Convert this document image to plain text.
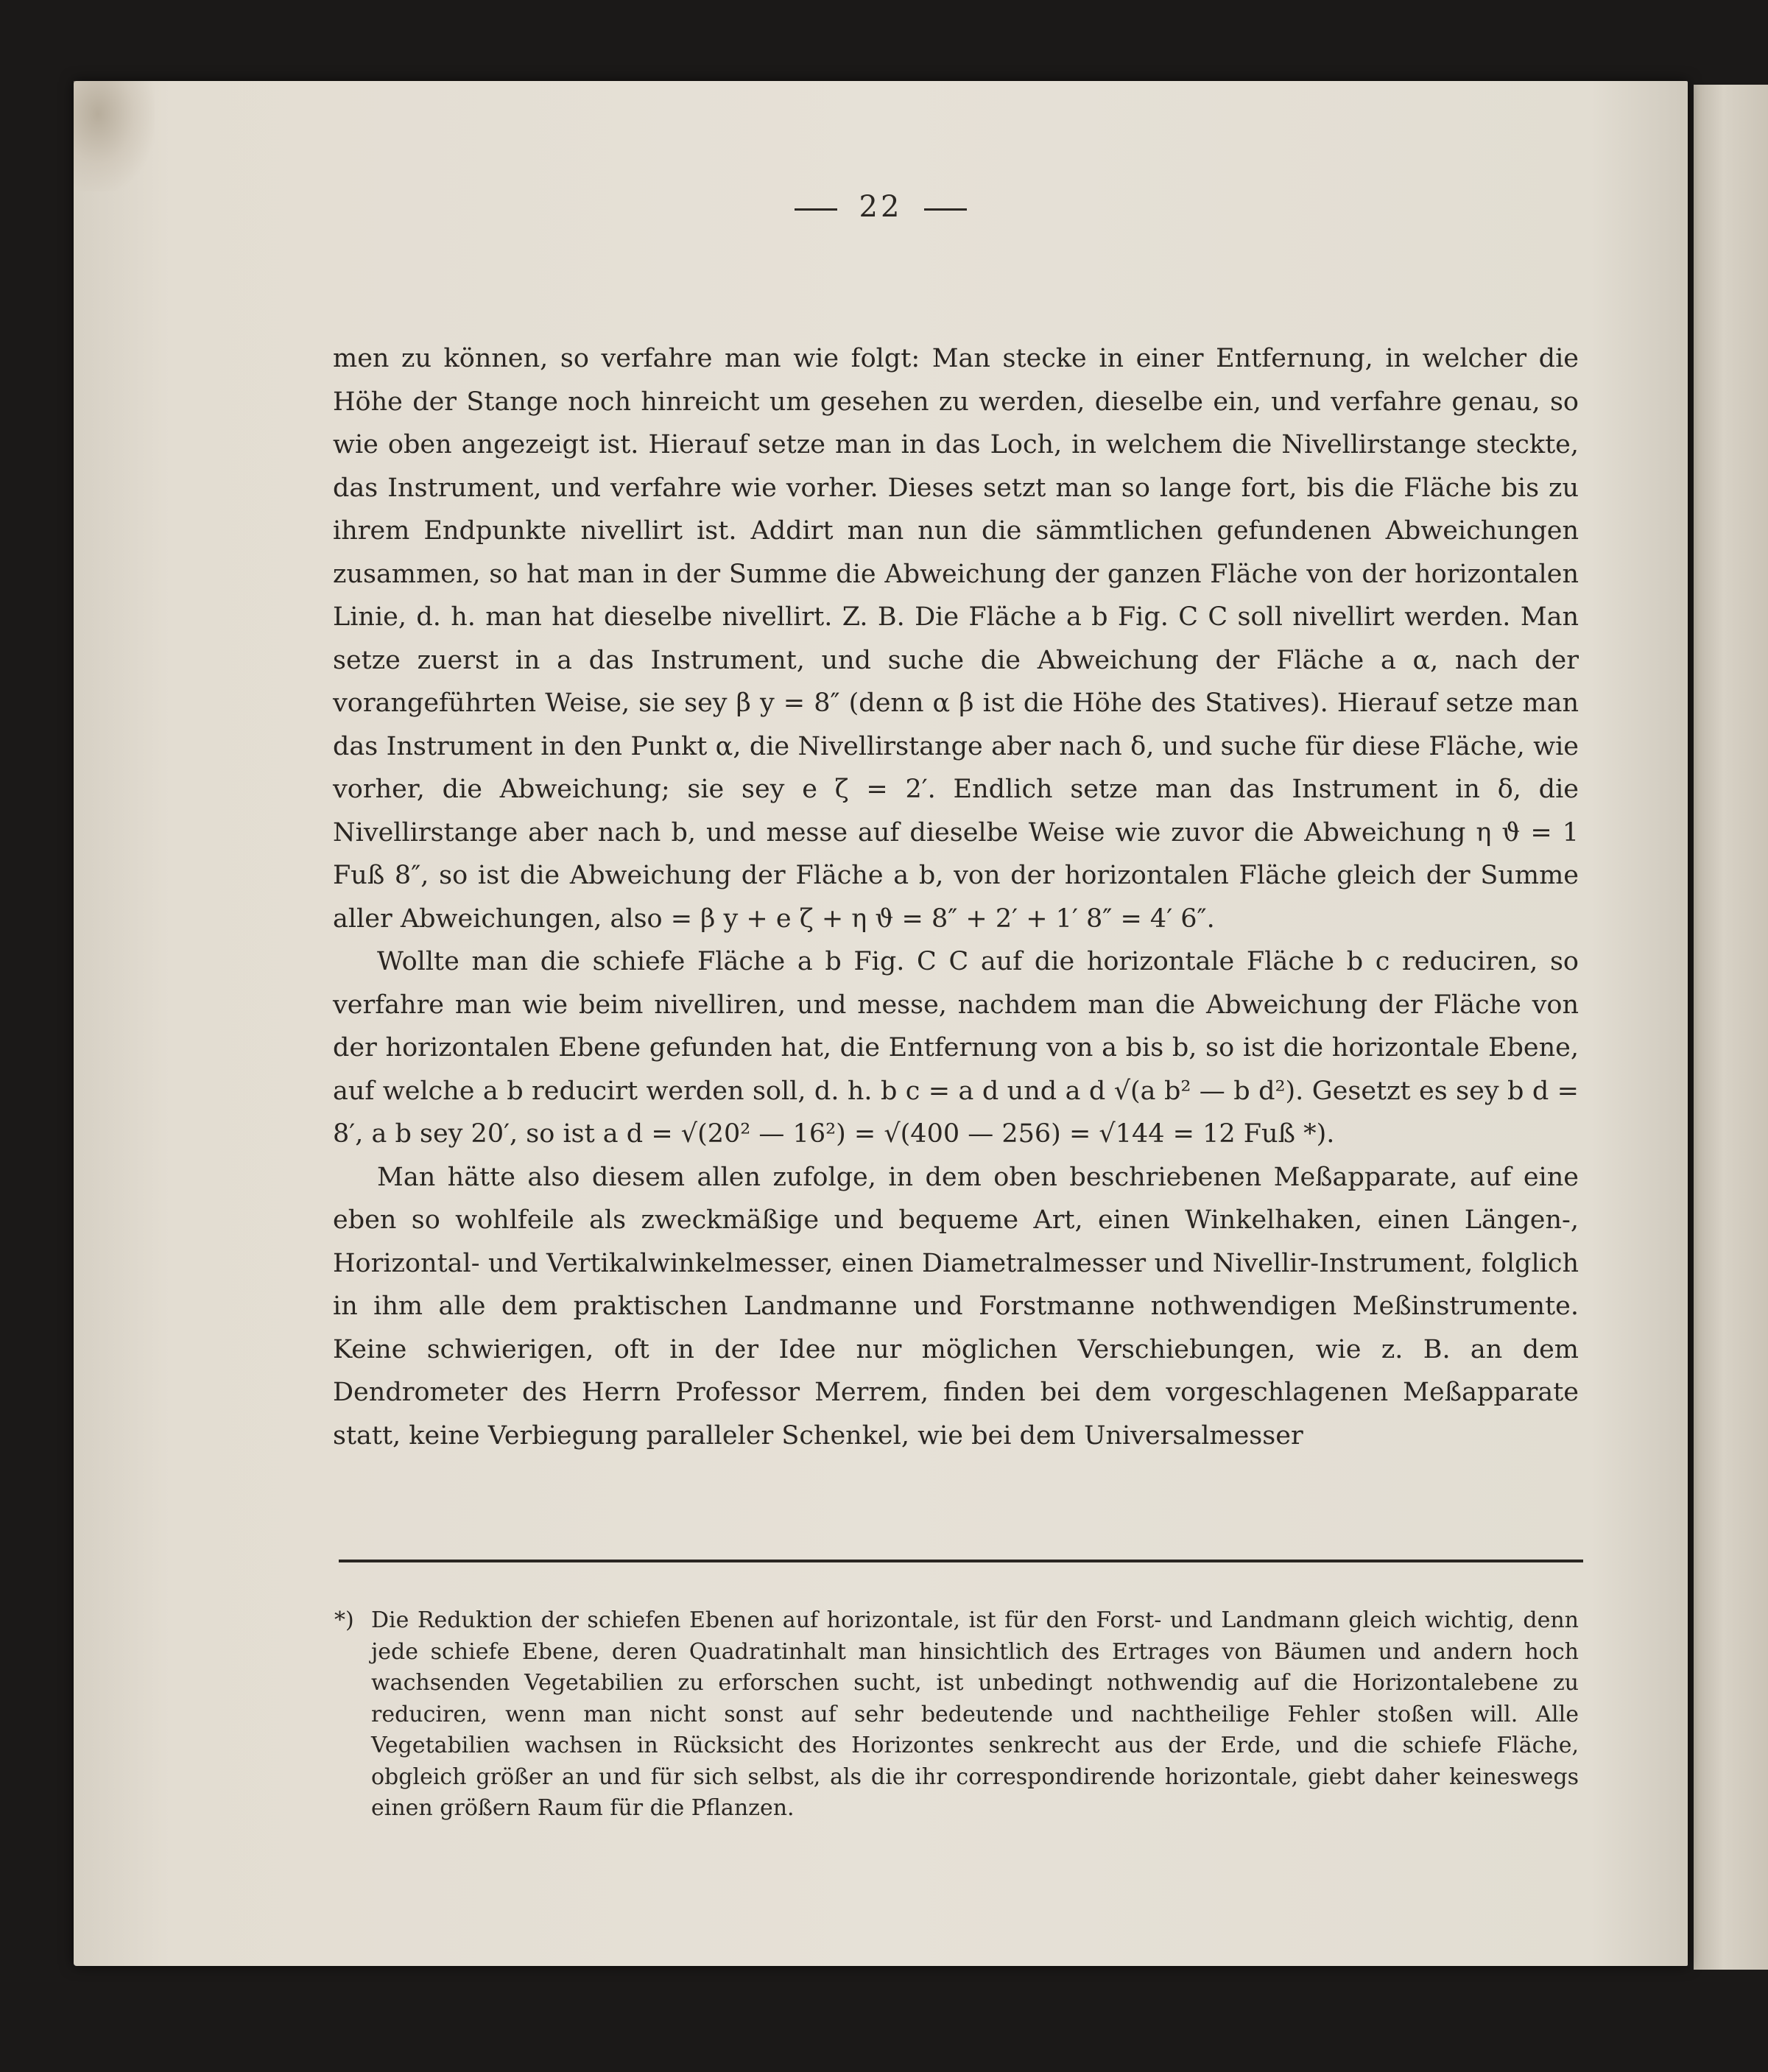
22

men zu können, so verfahre man wie folgt: Man stecke in einer Entfernung, in welcher die Höhe der Stange noch hinreicht um gesehen zu werden, dieselbe ein, und verfahre genau, so wie oben angezeigt ist. Hierauf setze man in das Loch, in welchem die Nivellirstange steckte, das Instrument, und verfahre wie vorher. Dieses setzt man so lange fort, bis die Fläche bis zu ihrem Endpunkte nivellirt ist. Addirt man nun die sämmtlichen gefundenen Abweichungen zusammen, so hat man in der Summe die Abweichung der ganzen Fläche von der horizontalen Linie, d. h. man hat dieselbe nivellirt. Z. B. Die Fläche a b Fig. C C soll nivellirt werden. Man setze zuerst in a das Instrument, und suche die Abweichung der Fläche a α, nach der vorangeführten Weise, sie sey β y = 8″ (denn α β ist die Höhe des Statives). Hierauf setze man das Instrument in den Punkt α, die Nivellirstange aber nach δ, und suche für diese Fläche, wie vorher, die Abweichung; sie sey e ζ = 2′. Endlich setze man das Instrument in δ, die Nivellirstange aber nach b, und messe auf dieselbe Weise wie zuvor die Abweichung η ϑ = 1 Fuß 8″, so ist die Abweichung der Fläche a b, von der horizontalen Fläche gleich der Summe aller Abweichungen, also = β y + e ζ + η ϑ = 8″ + 2′ + 1′ 8″ = 4′ 6″.

Wollte man die schiefe Fläche a b Fig. C C auf die horizontale Fläche b c reduciren, so verfahre man wie beim nivelliren, und messe, nachdem man die Abweichung der Fläche von der horizontalen Ebene gefunden hat, die Entfernung von a bis b, so ist die horizontale Ebene, auf welche a b reducirt werden soll, d. h. b c = a d und a d √(a b² — b d²). Gesetzt es sey b d = 8′, a b sey 20′, so ist a d = √(20² — 16²) = √(400 — 256) = √144 = 12 Fuß *).

Man hätte also diesem allen zufolge, in dem oben beschriebenen Meßapparate, auf eine eben so wohlfeile als zweckmäßige und bequeme Art, einen Winkelhaken, einen Längen-, Horizontal- und Vertikalwinkelmesser, einen Diametralmesser und Nivellir-Instrument, folglich in ihm alle dem praktischen Landmanne und Forstmanne nothwendigen Meßinstrumente. Keine schwierigen, oft in der Idee nur möglichen Verschiebungen, wie z. B. an dem Dendrometer des Herrn Professor Merrem, finden bei dem vorgeschlagenen Meßapparate statt, keine Verbiegung paralleler Schenkel, wie bei dem Universalmesser

*) Die Reduktion der schiefen Ebenen auf horizontale, ist für den Forst- und Landmann gleich wichtig, denn jede schiefe Ebene, deren Quadratinhalt man hinsichtlich des Ertrages von Bäumen und andern hoch wachsenden Vegetabilien zu erforschen sucht, ist unbedingt nothwendig auf die Horizontalebene zu reduciren, wenn man nicht sonst auf sehr bedeutende und nachtheilige Fehler stoßen will. Alle Vegetabilien wachsen in Rücksicht des Horizontes senkrecht aus der Erde, und die schiefe Fläche, obgleich größer an und für sich selbst, als die ihr correspondirende horizontale, giebt daher keineswegs einen größern Raum für die Pflanzen.
